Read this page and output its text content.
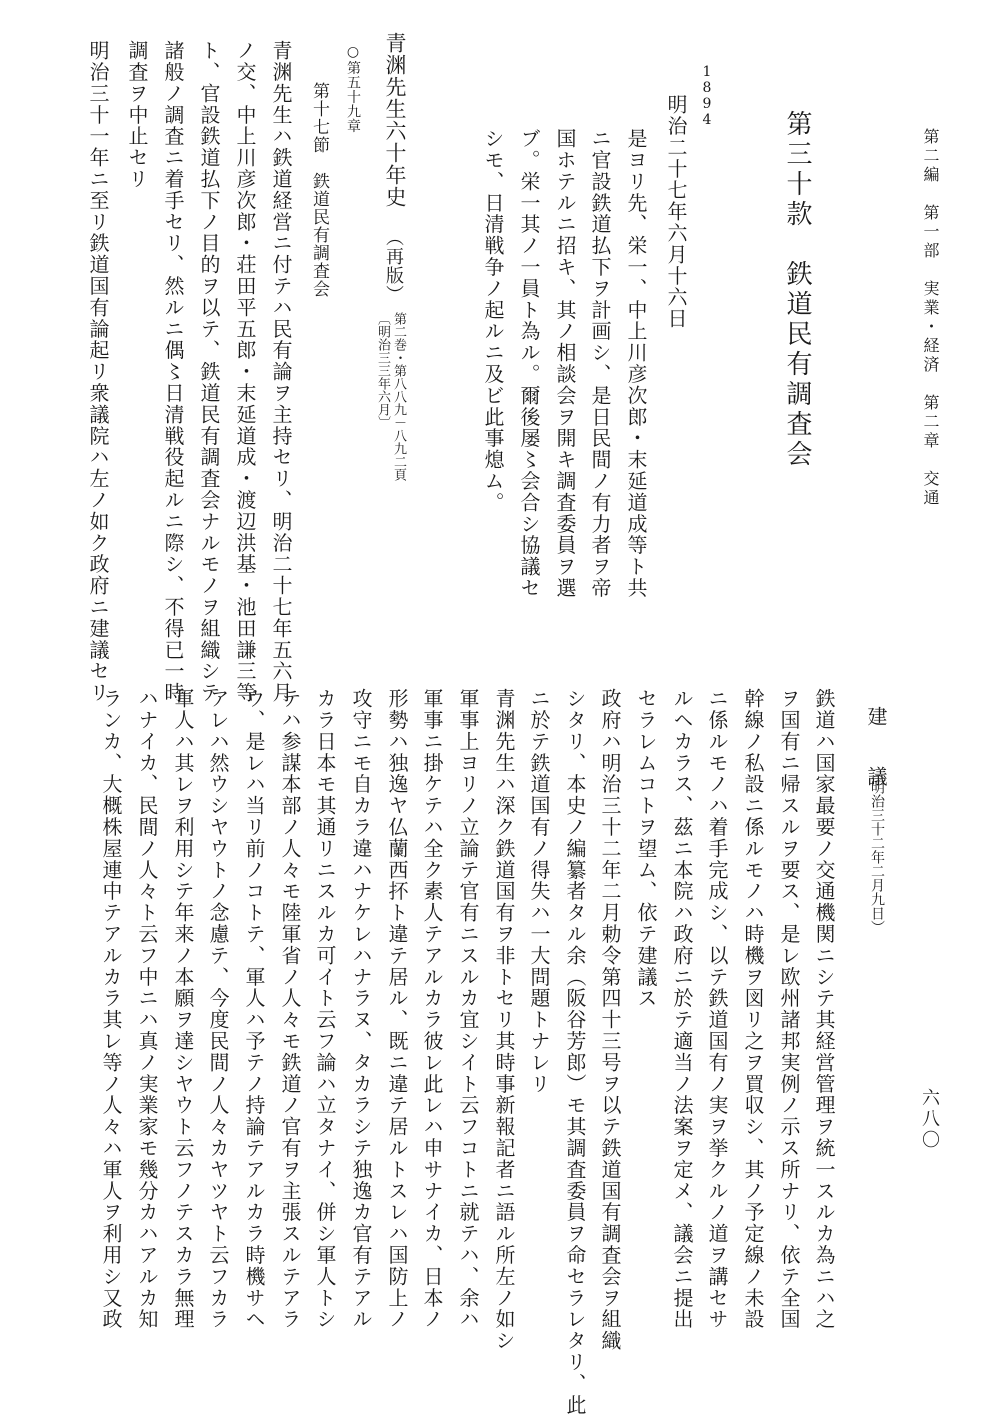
第二編　第一部　実業・経済　第二章　交通
六八〇
第三十款　鉄道民有調査会
1894
明治二十七年六月十六日
是ヨリ先、栄一、中上川彦次郎・末延道成等ト共
ニ官設鉄道払下ヲ計画シ、是日民間ノ有力者ヲ帝
国ホテルニ招キ、其ノ相談会ヲ開キ調査委員ヲ選
ブ。栄一其ノ一員ト為ル。爾後屡〻会合シ協議セ
シモ、日清戦争ノ起ルニ及ビ此事熄ム。
青渊先生六十年史
（再版）
第二巻・第八八九－八九二頁
〔明治三三年六月〕
○第五十九章
第十七節　鉄道民有調査会
青渊先生ハ鉄道経営ニ付テハ民有論ヲ主持セリ、明治二十七年五六月
ノ交、中上川彦次郎・荘田平五郎・末延道成・渡辺洪基・池田謙三等
ト、官設鉄道払下ノ目的ヲ以テ、鉄道民有調査会ナルモノヲ組織シテ
諸般ノ調査ニ着手セリ、然ルニ偶〻日清戦役起ルニ際シ、不得已一時
調査ヲ中止セリ
明治三十一年ニ至リ鉄道国有論起リ衆議院ハ左ノ如ク政府ニ建議セリ
建　議
（明治三十二年二月九日）
鉄道ハ国家最要ノ交通機関ニシテ其経営管理ヲ統一スルカ為ニハ之
ヲ国有ニ帰スルヲ要ス、是レ欧州諸邦実例ノ示ス所ナリ、依テ全国
幹線ノ私設ニ係ルモノハ時機ヲ図リ之ヲ買収シ、其ノ予定線ノ未設
ニ係ルモノハ着手完成シ、以テ鉄道国有ノ実ヲ挙クルノ道ヲ講セサ
ルヘカラス、茲ニ本院ハ政府ニ於テ適当ノ法案ヲ定メ、議会ニ提出
セラレムコトヲ望ム、依テ建議ス
政府ハ明治三十二年二月勅令第四十三号ヲ以テ鉄道国有調査会ヲ組織
シタリ、本史ノ編纂者タル余（阪谷芳郎）モ其調査委員ヲ命セラレタリ、此
ニ於テ鉄道国有ノ得失ハ一大問題トナレリ
青渊先生ハ深ク鉄道国有ヲ非トセリ其時事新報記者ニ語ル所左ノ如シ
軍事上ヨリノ立論テ官有ニスルカ宜シイト云フコトニ就テハ、余ハ
軍事ニ掛ケテハ全ク素人テアルカラ彼レ此レハ申サナイカ、日本ノ
形勢ハ独逸ヤ仏蘭西抔ト違テ居ル、既ニ違テ居ルトスレハ国防上ノ
攻守ニモ自カラ違ハナケレハナラヌ、タカラシテ独逸カ官有テアル
カラ日本モ其通リニスルカ可イト云フ論ハ立タナイ、併シ軍人トシ
テハ参謀本部ノ人々モ陸軍省ノ人々モ鉄道ノ官有ヲ主張スルテアラ
ウ、是レハ当リ前ノコトテ、軍人ハ予テノ持論テアルカラ時機サヘ
アレハ然ウシヤウトノ念慮テ、今度民間ノ人々カヤツヤト云フカラ
軍人ハ其レヲ利用シテ年来ノ本願ヲ達シヤウト云フノテスカラ無理
ハナイカ、民間ノ人々ト云フ中ニハ真ノ実業家モ幾分カハアルカ知
ランカ、大概株屋連中テアルカラ其レ等ノ人々ハ軍人ヲ利用シ又政
